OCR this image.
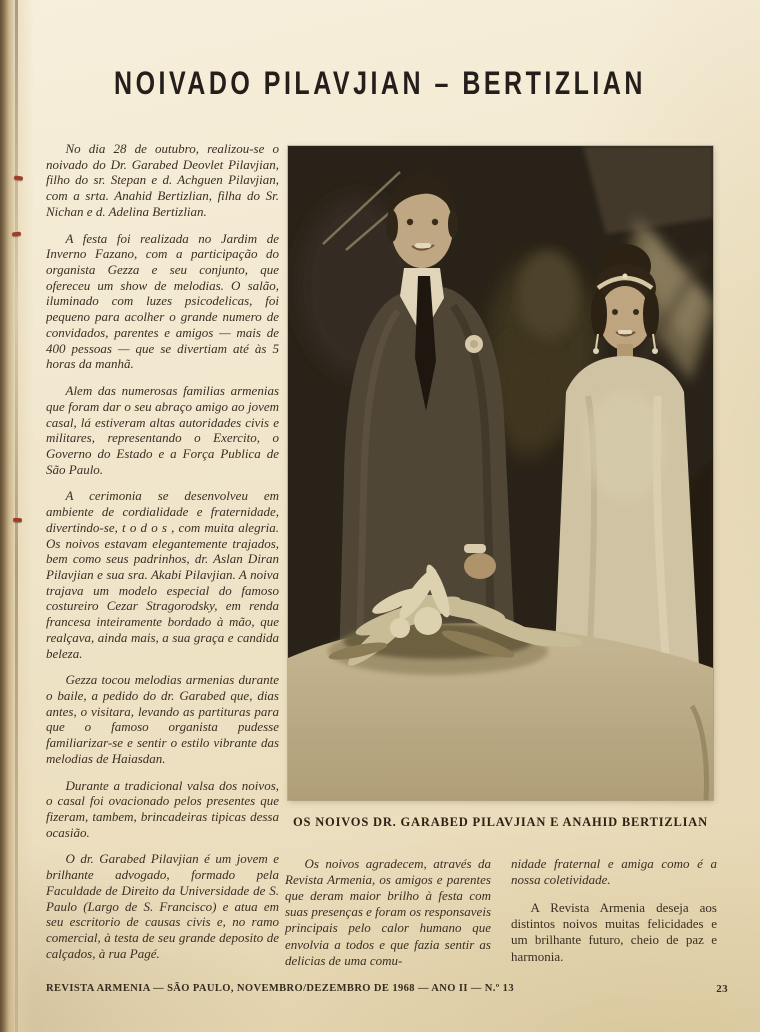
NOIVADO PILAVJIAN – BERTIZLIAN

No dia 28 de outubro, realizou-se o noivado do Dr. Garabed Deovlet Pilavjian, filho do sr. Stepan e d. Achguen Pilavjian, com a srta. Anahid Bertizlian, filha do Sr. Nichan e d. Adelina Bertizlian.

A festa foi realizada no Jardim de Inverno Fazano, com a participação do organista Gezza e seu conjunto, que ofereceu um show de melodias. O salão, iluminado com luzes psicodelicas, foi pequeno para acolher o grande numero de convidados, parentes e amigos — mais de 400 pessoas — que se divertiam até às 5 horas da manhã.

Alem das numerosas familias armenias que foram dar o seu abraço amigo ao jovem casal, lá estiveram altas autoridades civis e militares, representando o Exercito, o Governo do Estado e a Força Publica de São Paulo.

A cerimonia se desenvolveu em ambiente de cordialidade e fraternidade, divertindo-se, t o d o s , com muita alegria. Os noivos estavam elegantemente trajados, bem como seus padrinhos, dr. Aslan Diran Pilavjian e sua sra. Akabi Pilavjian. A noiva trajava um modelo especial do famoso costureiro Cezar Stragorodsky, em renda francesa inteiramente bordado à mão, que realçava, ainda mais, a sua graça e candida beleza.

Gezza tocou melodias armenias durante o baile, a pedido do dr. Garabed que, dias antes, o visitara, levando as partituras para que o famoso organista pudesse familiarizar-se e sentir o estilo vibrante das melodias de Haiasdan.

Durante a tradicional valsa dos noivos, o casal foi ovacionado pelos presentes que fizeram, tambem, brincadeiras tipicas dessa ocasião.

O dr. Garabed Pilavjian é um jovem e brilhante advogado, formado pela Faculdade de Direito da Universidade de S. Paulo (Largo de S. Francisco) e atua em seu escritorio de causas civis e, no ramo comercial, à testa de seu grande deposito de calçados, à rua Pagé.

OS NOIVOS DR. GARABED PILAVJIAN E ANAHID BERTIZLIAN

Os noivos agradecem, através da Revista Armenia, os amigos e parentes que deram maior brilho à festa com suas presenças e foram os responsaveis principais pelo calor humano que envolvia a todos e que fazia sentir as delicias de uma comu-

nidade fraternal e amiga como é a nossa coletividade.

A Revista Armenia deseja aos distintos noivos muitas felicidades e um brilhante futuro, cheio de paz e harmonia.

REVISTA ARMENIA — SÃO PAULO, NOVEMBRO/DEZEMBRO DE 1968 — ANO II — N.º 13	23
